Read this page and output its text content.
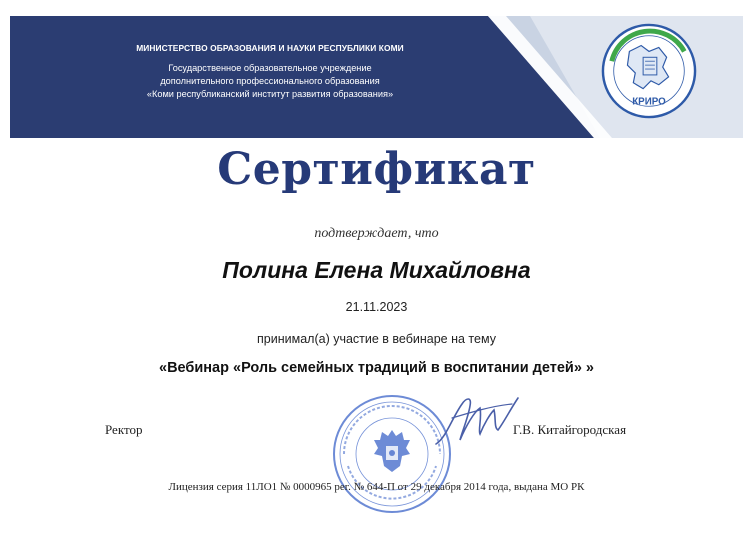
МИНИСТЕРСТВО ОБРАЗОВАНИЯ И НАУКИ РЕСПУБЛИКИ КОМИ
Государственное образовательное учреждение
дополнительного профессионального образования
«Коми республиканский институт развития образования»
КРИРО
Сертификат
подтверждает, что
Полина Елена Михайловна
21.11.2023
принимал(а) участие в вебинаре на тему
«Вебинар «Роль семейных традиций в воспитании детей» »
Ректор	Г.В. Китайгородская
Лицензия серия 11ЛО1 № 0000965 рег. № 644-П от 29 декабря 2014 года, выдана МО РК
